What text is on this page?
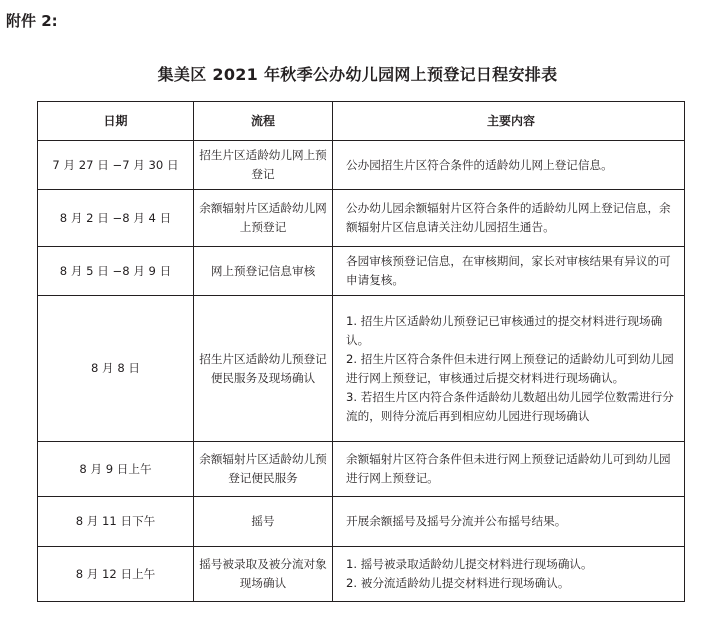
附件 2:
集美区 2021 年秋季公办幼儿园网上预登记日程安排表
日期	流程	主要内容
7 月 27 日 −7 月 30 日	招生片区适龄幼儿网上预登记	公办园招生片区符合条件的适龄幼儿网上登记信息。

8 月 2 日 −8 月 4 日	余额辐射片区适龄幼儿网上预登记	公办幼儿园余额辐射片区符合条件的适龄幼儿网上登记信息，余额辐射片区信息请关注幼儿园招生通告。

8 月 5 日 −8 月 9 日	网上预登记信息审核	各园审核预登记信息，在审核期间，家长对审核结果有异议的可申请复核。

8 月 8 日	招生片区适龄幼儿预登记便民服务及现场确认	1. 招生片区适龄幼儿预登记已审核通过的提交材料进行现场确认。
2. 招生片区符合条件但未进行网上预登记的适龄幼儿可到幼儿园进行网上预登记，审核通过后提交材料进行现场确认。
3. 若招生片区内符合条件适龄幼儿数超出幼儿园学位数需进行分流的，则待分流后再到相应幼儿园进行现场确认

8 月 9 日上午	余额辐射片区适龄幼儿预登记便民服务	余额辐射片区符合条件但未进行网上预登记适龄幼儿可到幼儿园进行网上预登记。

8 月 11 日下午	摇号	开展余额摇号及摇号分流并公布摇号结果。

8 月 12 日上午	摇号被录取及被分流对象现场确认	1. 摇号被录取适龄幼儿提交材料进行现场确认。
2. 被分流适龄幼儿提交材料进行现场确认。
